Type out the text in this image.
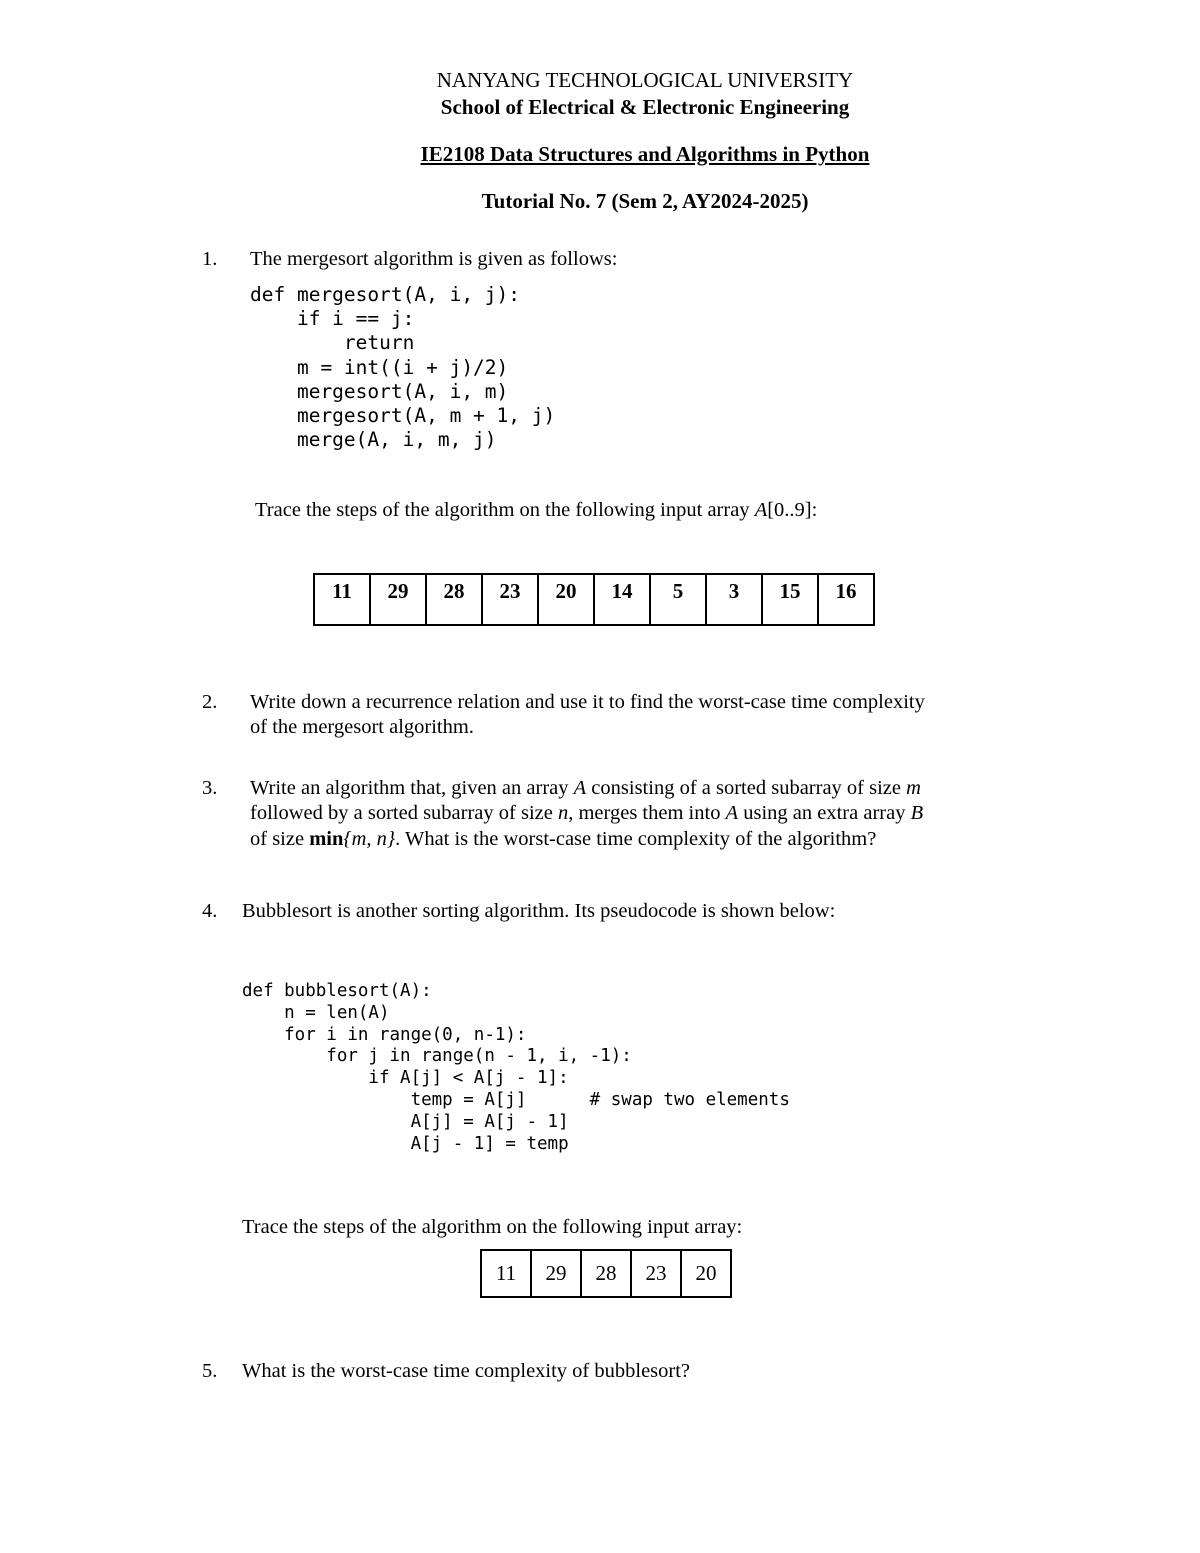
NANYANG TECHNOLOGICAL UNIVERSITY
School of Electrical & Electronic Engineering
IE2108 Data Structures and Algorithms in Python
Tutorial No. 7 (Sem 2, AY2024-2025)
1. The mergesort algorithm is given as follows:
def mergesort(A, i, j):
if i == j:
return
m = int((i + j)/2)
mergesort(A, i, m)
mergesort(A, m + 1, j)
merge(A, i, m, j)
Trace the steps of the algorithm on the following input array A[0..9]:
11	29	28	23	20	14	5	3	15	16
2. Write down a recurrence relation and use it to find the worst-case time complexity
of the mergesort algorithm.
3. Write an algorithm that, given an array A consisting of a sorted subarray of size m
followed by a sorted subarray of size n, merges them into A using an extra array B
of size min{m, n}. What is the worst-case time complexity of the algorithm?
4. Bubblesort is another sorting algorithm. Its pseudocode is shown below:
def bubblesort(A):
n = len(A)
for i in range(0, n-1):
for j in range(n - 1, i, -1):
if A[j] < A[j - 1]:
temp = A[j]      # swap two elements
A[j] = A[j - 1]
A[j - 1] = temp
Trace the steps of the algorithm on the following input array:
11	29	28	23	20
5. What is the worst-case time complexity of bubblesort?
